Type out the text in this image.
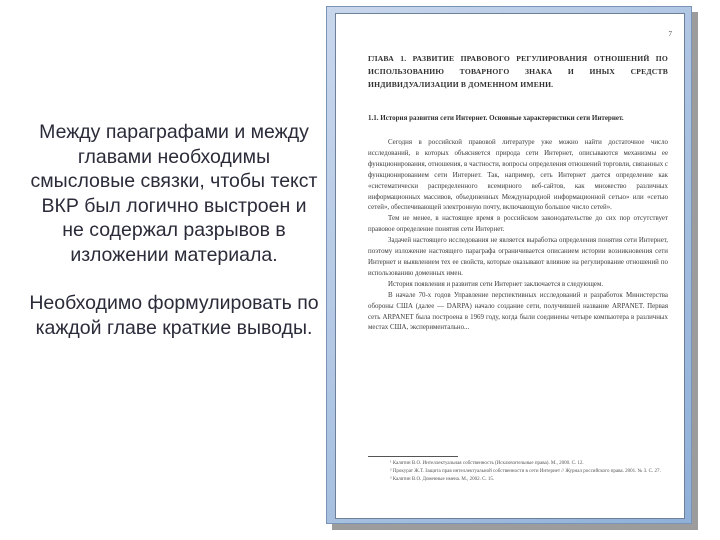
Между параграфами и между главами необходимы смысловые связки, чтобы текст ВКР был логично выстроен и не содержал разрывов в изложении материала.

Необходимо формулировать по каждой главе краткие выводы.

7
ГЛАВА 1. РАЗВИТИЕ ПРАВОВОГО РЕГУЛИРОВАНИЯ ОТНОШЕНИЙ ПО ИСПОЛЬЗОВАНИЮ ТОВАРНОГО ЗНАКА И ИНЫХ СРЕДСТВ ИНДИВИДУАЛИЗАЦИИ В ДОМЕННОМ ИМЕНИ.
1.1. История развития сети Интернет. Основные характеристики сети Интернет.

Сегодня в российской правовой литературе уже можно найти достаточное число исследований, в которых объясняется природа сети Интернет, описываются механизмы ее функционирования, отношения, в частности, вопросы определения отношений торговли, связанных с функционированием сети Интернет. Так, например, сеть Интернет дается определение как «систематически распределенного всемирного веб-сайтов, как множество различных информационных массивов, объединенных Международной информационной сетью» или «сетью сетей», обеспечивающей электронную почту, включающую большое число сетей».

Тем не менее, в настоящее время в российском законодательстве до сих пор отсутствует правовое определение понятия сети Интернет.

Задачей настоящего исследования не является выработка определения понятия сети Интернет, поэтому изложение настоящего параграфа ограничивается описанием истории возникновения сети Интернет и выявлением тех ее свойств, которые оказывают влияние на регулирование отношений по использованию доменных имен.

История появления и развития сети Интернет заключается в следующем.

В начале 70-х годов Управление перспективных исследований и разработок Министерства обороны США (далее — DARPA) начало создание сети, получившей название ARPANET. Первая сеть ARPANET была построена в 1969 году, когда были соединены четыре компьютера в различных местах США, экспериментально...

¹ Калятин В.О. Интеллектуальная собственность (Исключительные права). М., 2000. С. 12.
² Прокурат Ж.Т. Защита прав интеллектуальной собственности в сети Интернет // Журнал российского права. 2001. № 3. С. 27.
³ Калятин В.О. Доменные имена. М., 2002. С. 15.
